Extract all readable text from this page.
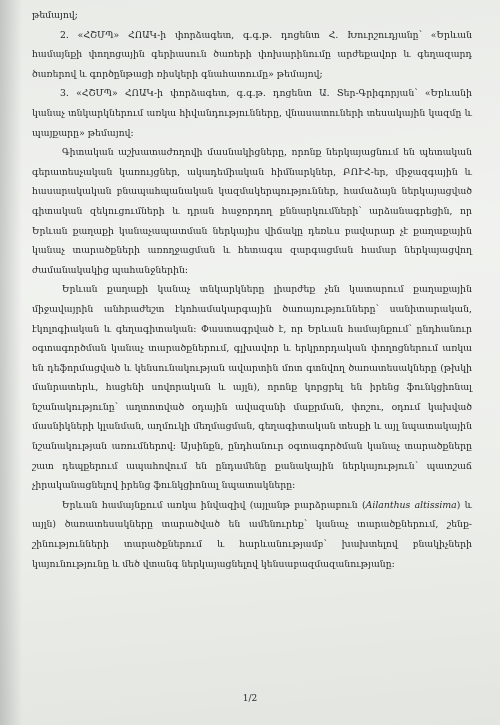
թեմայով;

2. «ՀՇՄՊ» ՀՈԱԿ-ի փորձագետ, գ.գ.թ. դոցենտ Հ. Խուրշուդյանը՝ «Երևան համայնքի փողոցային գերիասուն ծառերի փոխարինումը արժեքավոր և գեղազարդ ծառերով և գործընթացի ռիսկերի գնահատումը» թեմայով;

3. «ՀՇՄՊ» ՀՈԱԿ-ի փորձագետ, գ.գ.թ. դոցենտ Ա. Տեր-Գրիգորյան՝ «Երևանի կանաչ տնկարկներում առկա հիվանդությունները, վնասատուների տեսակային կազմը և պայքարը» թեմայով:

Գիտական աշխատաժողովի մասնակիցները, որոնք ներկայացնում են պետական գերատեսչական կառույցներ, ակադեմիական հիմնարկներ, ԲՈՒՀ-եր, միջազգային և հասարակական բնապահպանական կազմակերպություններ, համաձայն ներկայացված գիտական զեկուցումների և դրան հաջորդող քննարկումների՝ արձանագրեցին, որ Երևան քաղաքի կանաչապատման ներկայիս վիճակը դեռևս բավարար չէ քաղաքային կանաչ տարածքների առողջացման և հետագա զարգացման համար ներկայացվող ժամանակակից պահանջներին:

Երևան քաղաքի կանաչ տնկարկները լիարժեք չեն կատարում քաղաքային միջավայրին անհրաժեշտ էկոհամակարգային ծառայությունները՝ սանիտարական, էկոլոգիական և գեղագիտական: Փաստագրված է, որ Երևան համայնքում՝ ընդհանուր օգտագործման կանաչ տարածքներում, գլխավոր և երկրորդական փողոցներում առկա են դեֆորմացված և կենսունակության ավարտին մոտ գտնվող ծառատեսակները (թխկի մանրատերև, հացենի սովորական և այլն), որոնք կորցրել են իրենց ֆունկցիոնալ նշանակությունը՝ աղտոտված օդային ավազանի մաքրման, փոշու, օդում կախված մասնիկների կլանման, աղմուկի մեղմացման, գեղագիտական տեսքի և այլ նպատակային նշանակության առումներով: Այսինքն, ընդհանուր օգտագործման կանաչ տարածքները շատ դեպքերում ապահովում են ընդամենը քանակային ներկայություն՝ պատշաճ չիրականացնելով իրենց ֆունկցիոնալ նպատակները:

Երևան համայնքում առկա ինվազիվ (այլանթ բարձրաբուն (Ailanthus altissima) և այլն) ծառատեսակները տարածված են ամենուրեք՝ կանաչ տարածքներում, շենք-շինությունների տարածքներում և հարևանությամբ՝ խախտելով բնակիչների կայունությունը և մեծ վտանգ ներկայացնելով կենսաբազմազանությանը:

1/2
